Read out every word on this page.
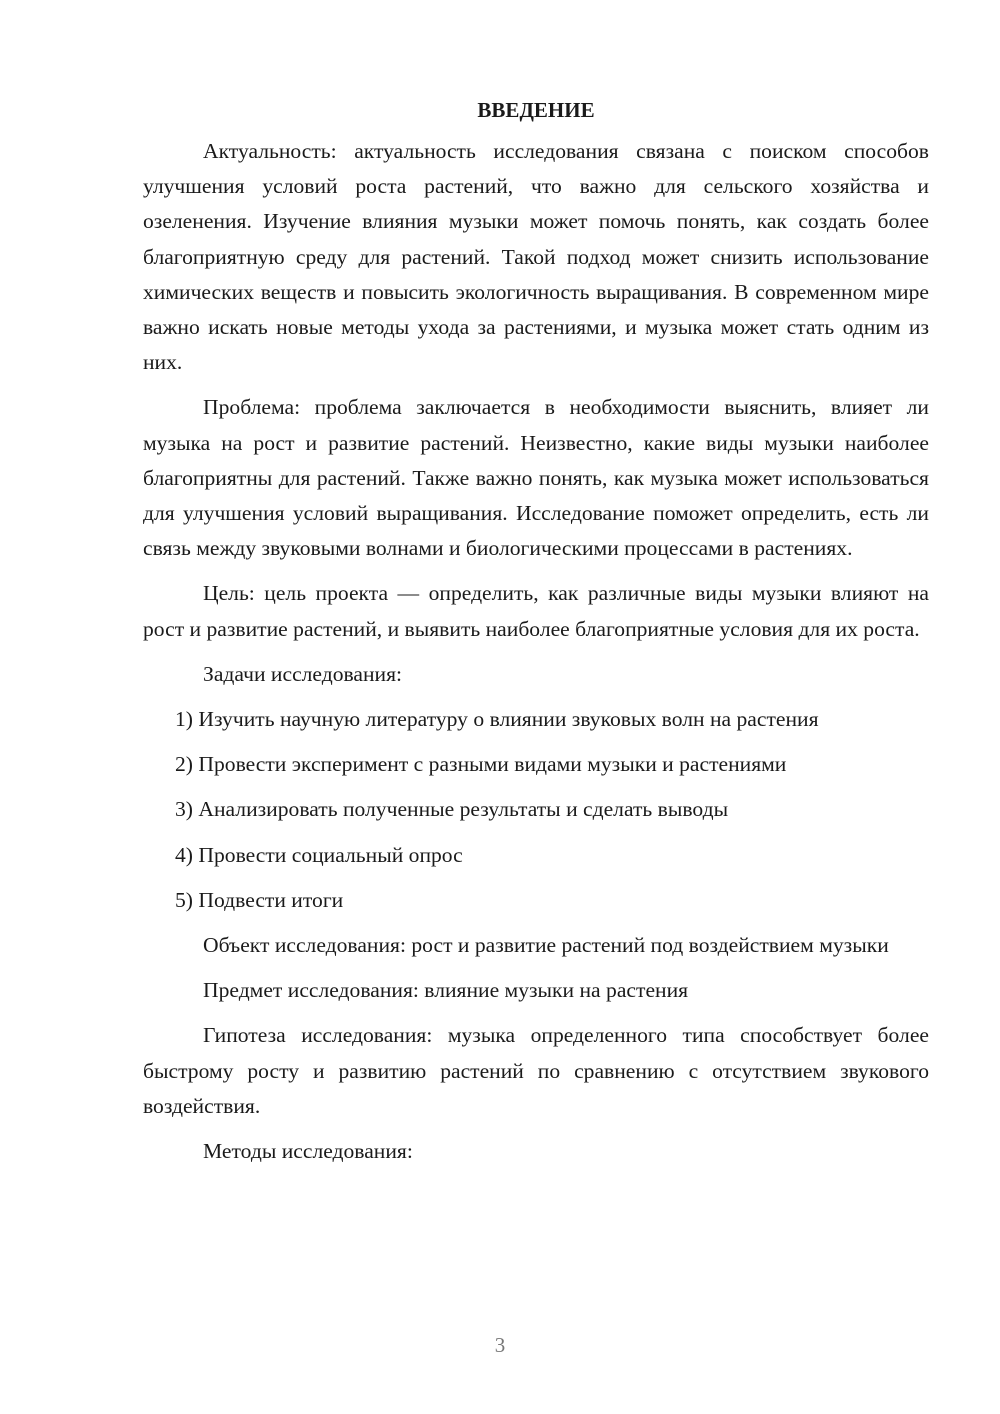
ВВЕДЕНИЕ

Актуальность: актуальность исследования связана с поиском способов улучшения условий роста растений, что важно для сельского хозяйства и озеленения. Изучение влияния музыки может помочь понять, как создать более благоприятную среду для растений. Такой подход может снизить использование химических веществ и повысить экологичность выращивания. В современном мире важно искать новые методы ухода за растениями, и музыка может стать одним из них.

Проблема: проблема заключается в необходимости выяснить, влияет ли музыка на рост и развитие растений. Неизвестно, какие виды музыки наиболее благоприятны для растений. Также важно понять, как музыка может использоваться для улучшения условий выращивания. Исследование поможет определить, есть ли связь между звуковыми волнами и биологическими процессами в растениях.

Цель: цель проекта — определить, как различные виды музыки влияют на рост и развитие растений, и выявить наиболее благоприятные условия для их роста.

Задачи исследования:

1) Изучить научную литературу о влиянии звуковых волн на растения

2) Провести эксперимент с разными видами музыки и растениями

3) Анализировать полученные результаты и сделать выводы

4) Провести социальный опрос

5) Подвести итоги

Объект исследования: рост и развитие растений под воздействием музыки

Предмет исследования: влияние музыки на растения

Гипотеза исследования: музыка определенного типа способствует более быстрому росту и развитию растений по сравнению с отсутствием звукового воздействия.

Методы исследования:

3
